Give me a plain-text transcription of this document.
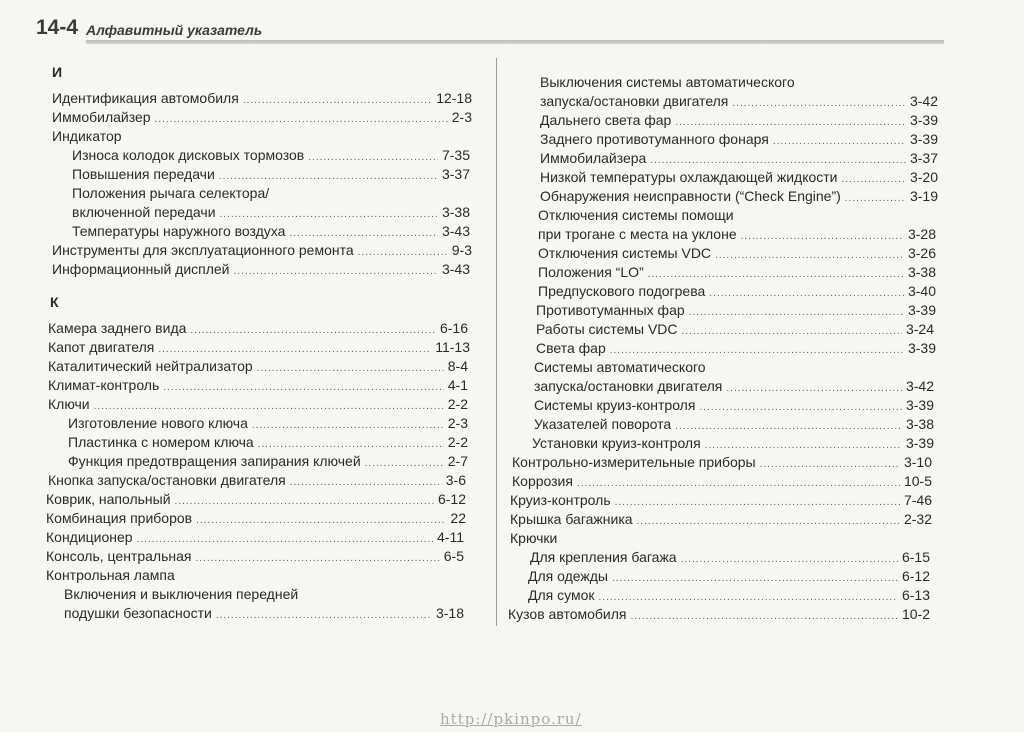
14-4 Алфавитный указатель
И
К
Идентификация автомобиля .....	12-18
Иммобилайзер .....	2-3
Индикатор
Износа колодок дисковых тормозов .....	7-35
Повышения передачи .....	3-37
Положения рычага селектора/
включенной передачи .....	3-38
Температуры наружного воздуха .....	3-43
Инструменты для эксплуатационного ремонта .....	9-3
Информационный дисплей .....	3-43
Камера заднего вида .....	6-16
Капот двигателя .....	11-13
Каталитический нейтрализатор .....	8-4
Климат-контроль .....	4-1
Ключи .....	2-2
Изготовление нового ключа .....	2-3
Пластинка с номером ключа .....	2-2
Функция предотвращения запирания ключей .....	2-7
Кнопка запуска/остановки двигателя .....	3-6
Коврик, напольный .....	6-12
Комбинация приборов .....	22
Кондиционер .....	4-11
Консоль, центральная .....	6-5
Контрольная лампа
Включения и выключения передней
подушки безопасности .....	3-18
Выключения системы автоматического
запуска/остановки двигателя .....	3-42
Дальнего света фар .....	3-39
Заднего противотуманного фонаря .....	3-39
Иммобилайзера .....	3-37
Низкой температуры охлаждающей жидкости .....	3-20
Обнаружения неисправности (“Check Engine”) .....	3-19
Отключения системы помощи
при трогане с места на уклоне .....	3-28
Отключения системы VDC .....	3-26
Положения “LO” .....	3-38
Предпускового подогрева .....	3-40
Противотуманных фар .....	3-39
Работы системы VDC .....	3-24
Света фар .....	3-39
Системы автоматического
запуска/остановки двигателя .....	3-42
Системы круиз-контроля .....	3-39
Указателей поворота .....	3-38
Установки круиз-контроля .....	3-39
Контрольно-измерительные приборы .....	3-10
Коррозия .....	10-5
Круиз-контроль .....	7-46
Крышка багажника .....	2-32
Крючки
Для крепления багажа .....	6-15
Для одежды .....	6-12
Для сумок .....	6-13
Кузов автомобиля .....	10-2
http://pkinpo.ru/
